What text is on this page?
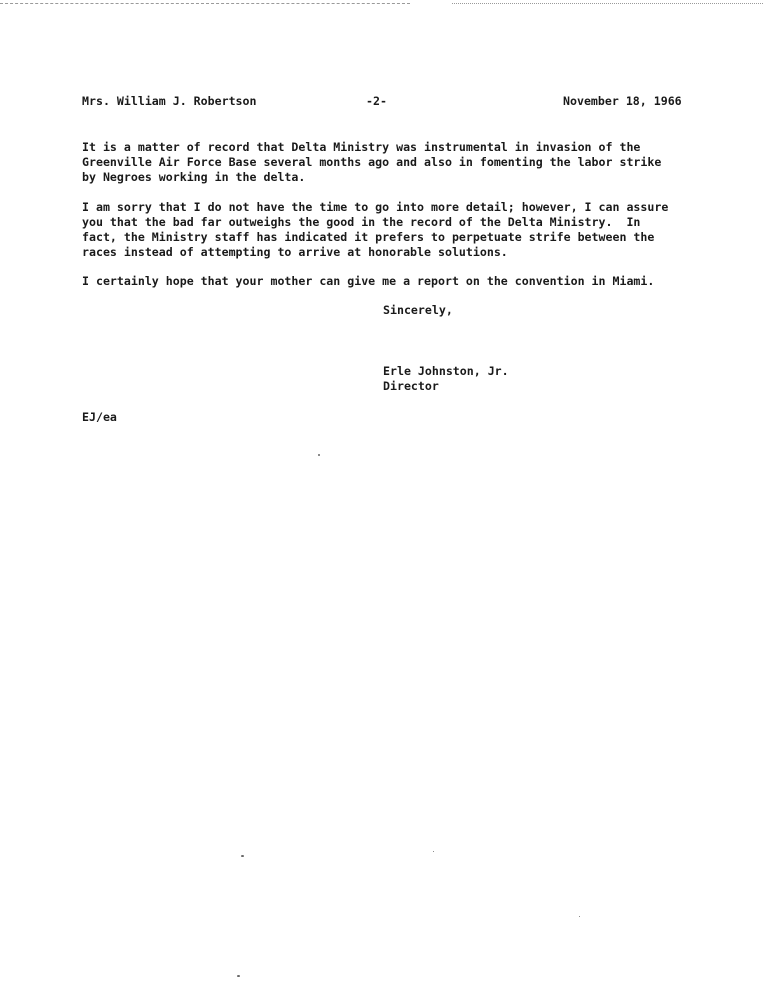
Mrs. William J. Robertson	-2-	November 18, 1966
It is a matter of record that Delta Ministry was instrumental in invasion of the
Greenville Air Force Base several months ago and also in fomenting the labor strike
by Negroes working in the delta.
I am sorry that I do not have the time to go into more detail; however, I can assure
you that the bad far outweighs the good in the record of the Delta Ministry.  In
fact, the Ministry staff has indicated it prefers to perpetuate strife between the
races instead of attempting to arrive at honorable solutions.
I certainly hope that your mother can give me a report on the convention in Miami.
Sincerely,
Erle Johnston, Jr.
Director
EJ/ea
